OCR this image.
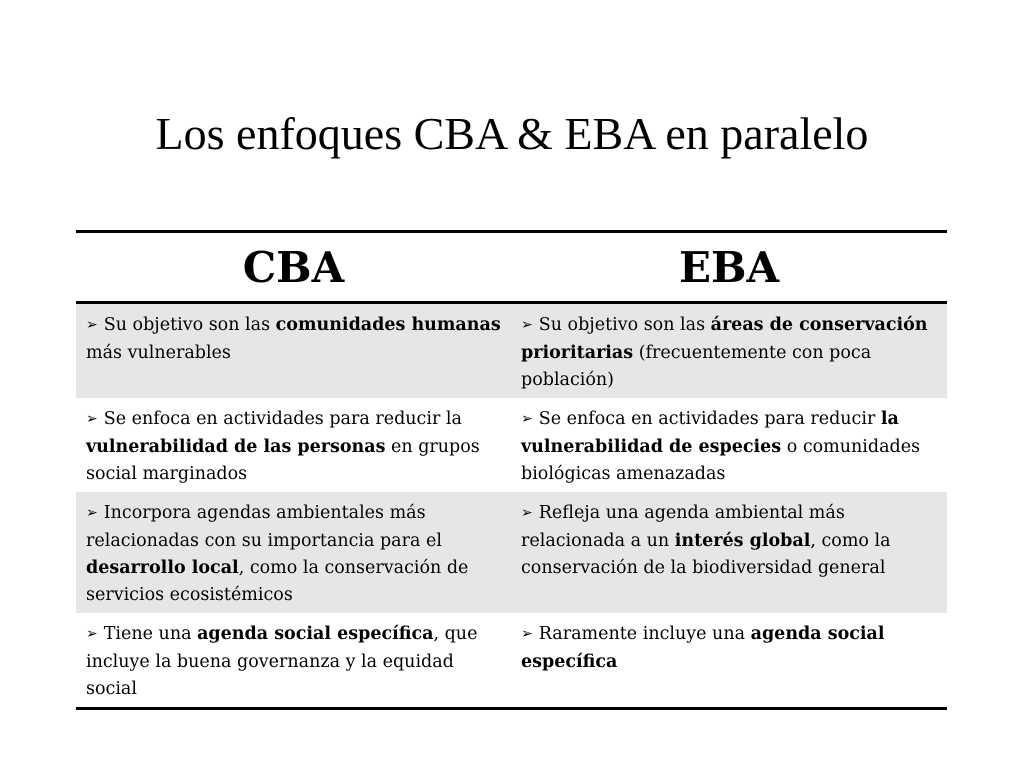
Los enfoques CBA & EBA en paralelo
CBA	EBA
➢ Su objetivo son las comunidades humanas más vulnerables	➢ Su objetivo son las áreas de conservación prioritarias (frecuentemente con poca población)
➢ Se enfoca en actividades para reducir la vulnerabilidad de las personas en grupos social marginados	➢ Se enfoca en actividades para reducir la vulnerabilidad de especies o comunidades biológicas amenazadas
➢ Incorpora agendas ambientales más relacionadas con su importancia para el desarrollo local, como la conservación de servicios ecosistémicos	➢ Refleja una agenda ambiental más relacionada a un interés global, como la conservación de la biodiversidad general
➢ Tiene una agenda social específica, que incluye la buena governanza y la equidad social	➢ Raramente incluye una agenda social específica
